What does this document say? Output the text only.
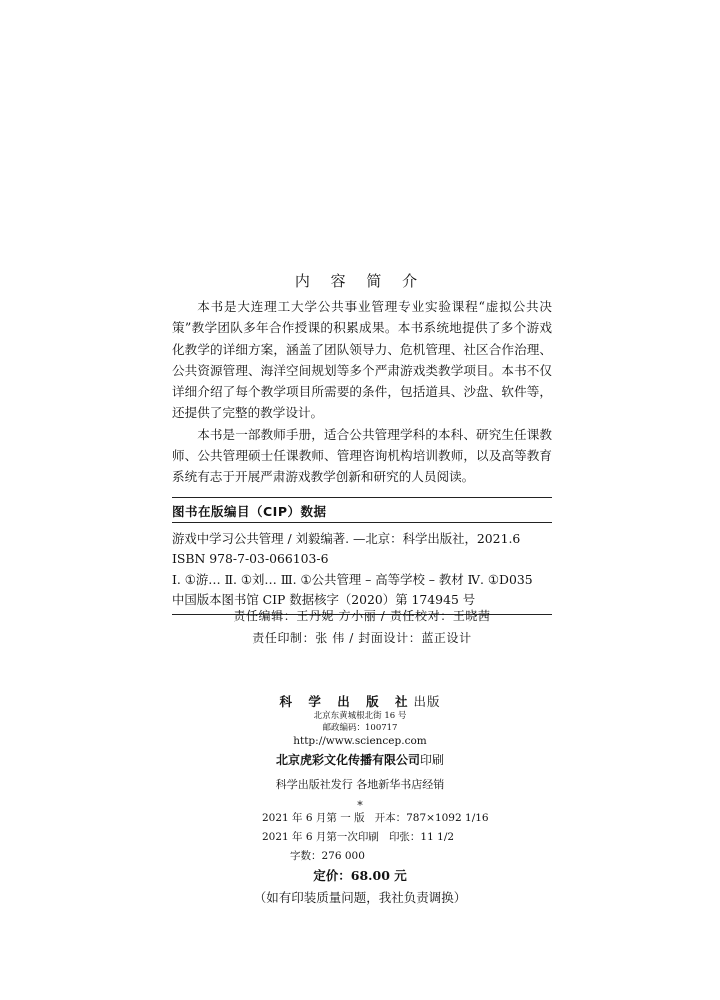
内 容 简 介

本书是大连理工大学公共事业管理专业实验课程“虚拟公共决策”教学团队多年合作授课的积累成果。本书系统地提供了多个游戏化教学的详细方案，涵盖了团队领导力、危机管理、社区合作治理、公共资源管理、海洋空间规划等多个严肃游戏类教学项目。本书不仅详细介绍了每个教学项目所需要的条件，包括道具、沙盘、软件等，还提供了完整的教学设计。

本书是一部教师手册，适合公共管理学科的本科、研究生任课教师、公共管理硕士任课教师、管理咨询机构培训教师，以及高等教育系统有志于开展严肃游戏教学创新和研究的人员阅读。

图书在版编目（CIP）数据
游戏中学习公共管理 / 刘毅编著. —北京：科学出版社，2021.6
ISBN 978-7-03-066103-6
Ⅰ. ①游… Ⅱ. ①刘… Ⅲ. ①公共管理 – 高等学校 – 教材 Ⅳ. ①D035
中国版本图书馆 CIP 数据核字（2020）第 174945 号
责任编辑：王丹妮 方小丽 / 责任校对：王晓茜
责任印制：张 伟 / 封面设计：蓝正设计
科 学 出 版 社出版
北京东黄城根北街 16 号
邮政编码：100717
http://www.sciencep.com
北京虎彩文化传播有限公司印刷
科学出版社发行 各地新华书店经销
*
2021 年 6 月第 一 版 开本：787×1092 1/16
2021 年 6 月第一次印刷 印张：11 1/2
字数：276 000
定价：68.00 元
（如有印装质量问题，我社负责调换）
